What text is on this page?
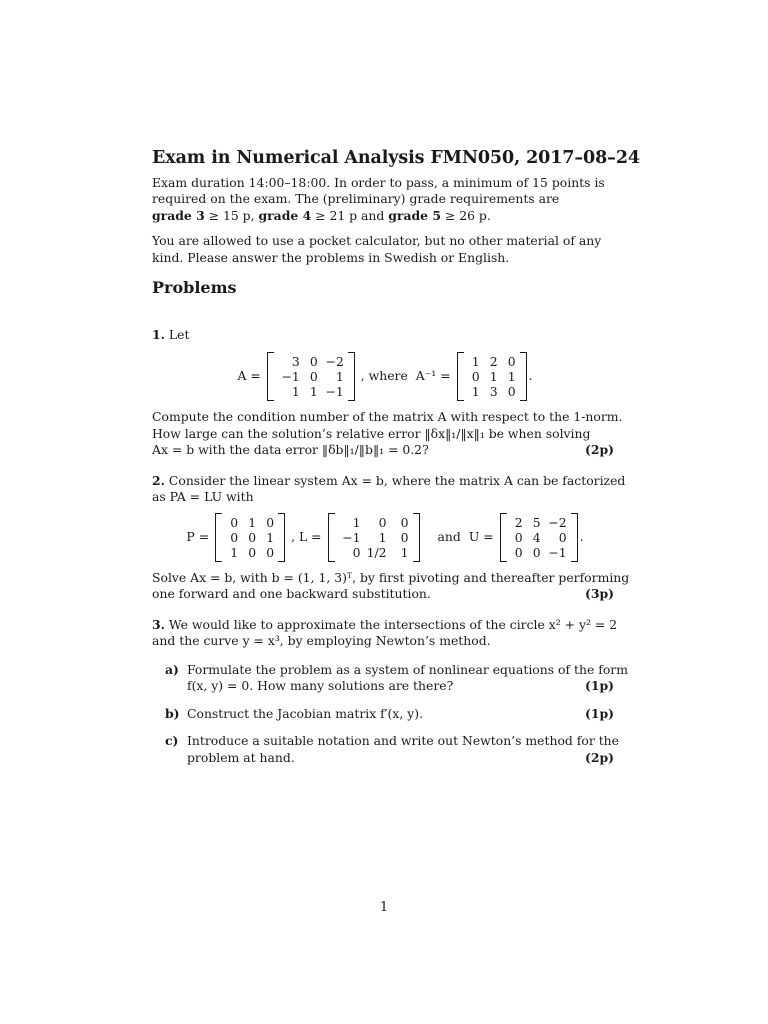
Exam in Numerical Analysis FMN050, 2017–08–24
Exam duration 14:00–18:00. In order to pass, a minimum of 15 points is
required on the exam. The (preliminary) grade requirements are
grade 3 ≥ 15 p, grade 4 ≥ 21 p and grade 5 ≥ 26 p.
You are allowed to use a pocket calculator, but no other material of any
kind. Please answer the problems in Swedish or English.
Problems
1. Let
A =
3 0 −2
−1 0	1
1 1 −1
, where A⁻¹ =
1 2 0
0 1 1
1 3 0
.
Compute the condition number of the matrix A with respect to the 1-norm.
How large can the solution’s relative error ‖δx‖₁/‖x‖₁ be when solving
Ax = b with the data error ‖δb‖₁/‖b‖₁ = 0.2?	(2p)
2. Consider the linear system Ax = b, where the matrix A can be factorized
as PA = LU with
P =
0 1 0
0 0 1
1 0 0
, L =
1	0	0
−1	1	0
0 1/2	1
and U =
2 5 −2
0 4	0
0 0 −1
.
Solve Ax = b, with b = (1, 1, 3)ᵀ, by first pivoting and thereafter performing
one forward and one backward substitution.	(3p)
3. We would like to approximate the intersections of the circle x² + y² = 2
and the curve y = x³, by employing Newton’s method.
a) Formulate the problem as a system of nonlinear equations of the form
f(x, y) = 0. How many solutions are there?	(1p)
b) Construct the Jacobian matrix f′(x, y).	(1p)
c) Introduce a suitable notation and write out Newton’s method for the
problem at hand.	(2p)
1
